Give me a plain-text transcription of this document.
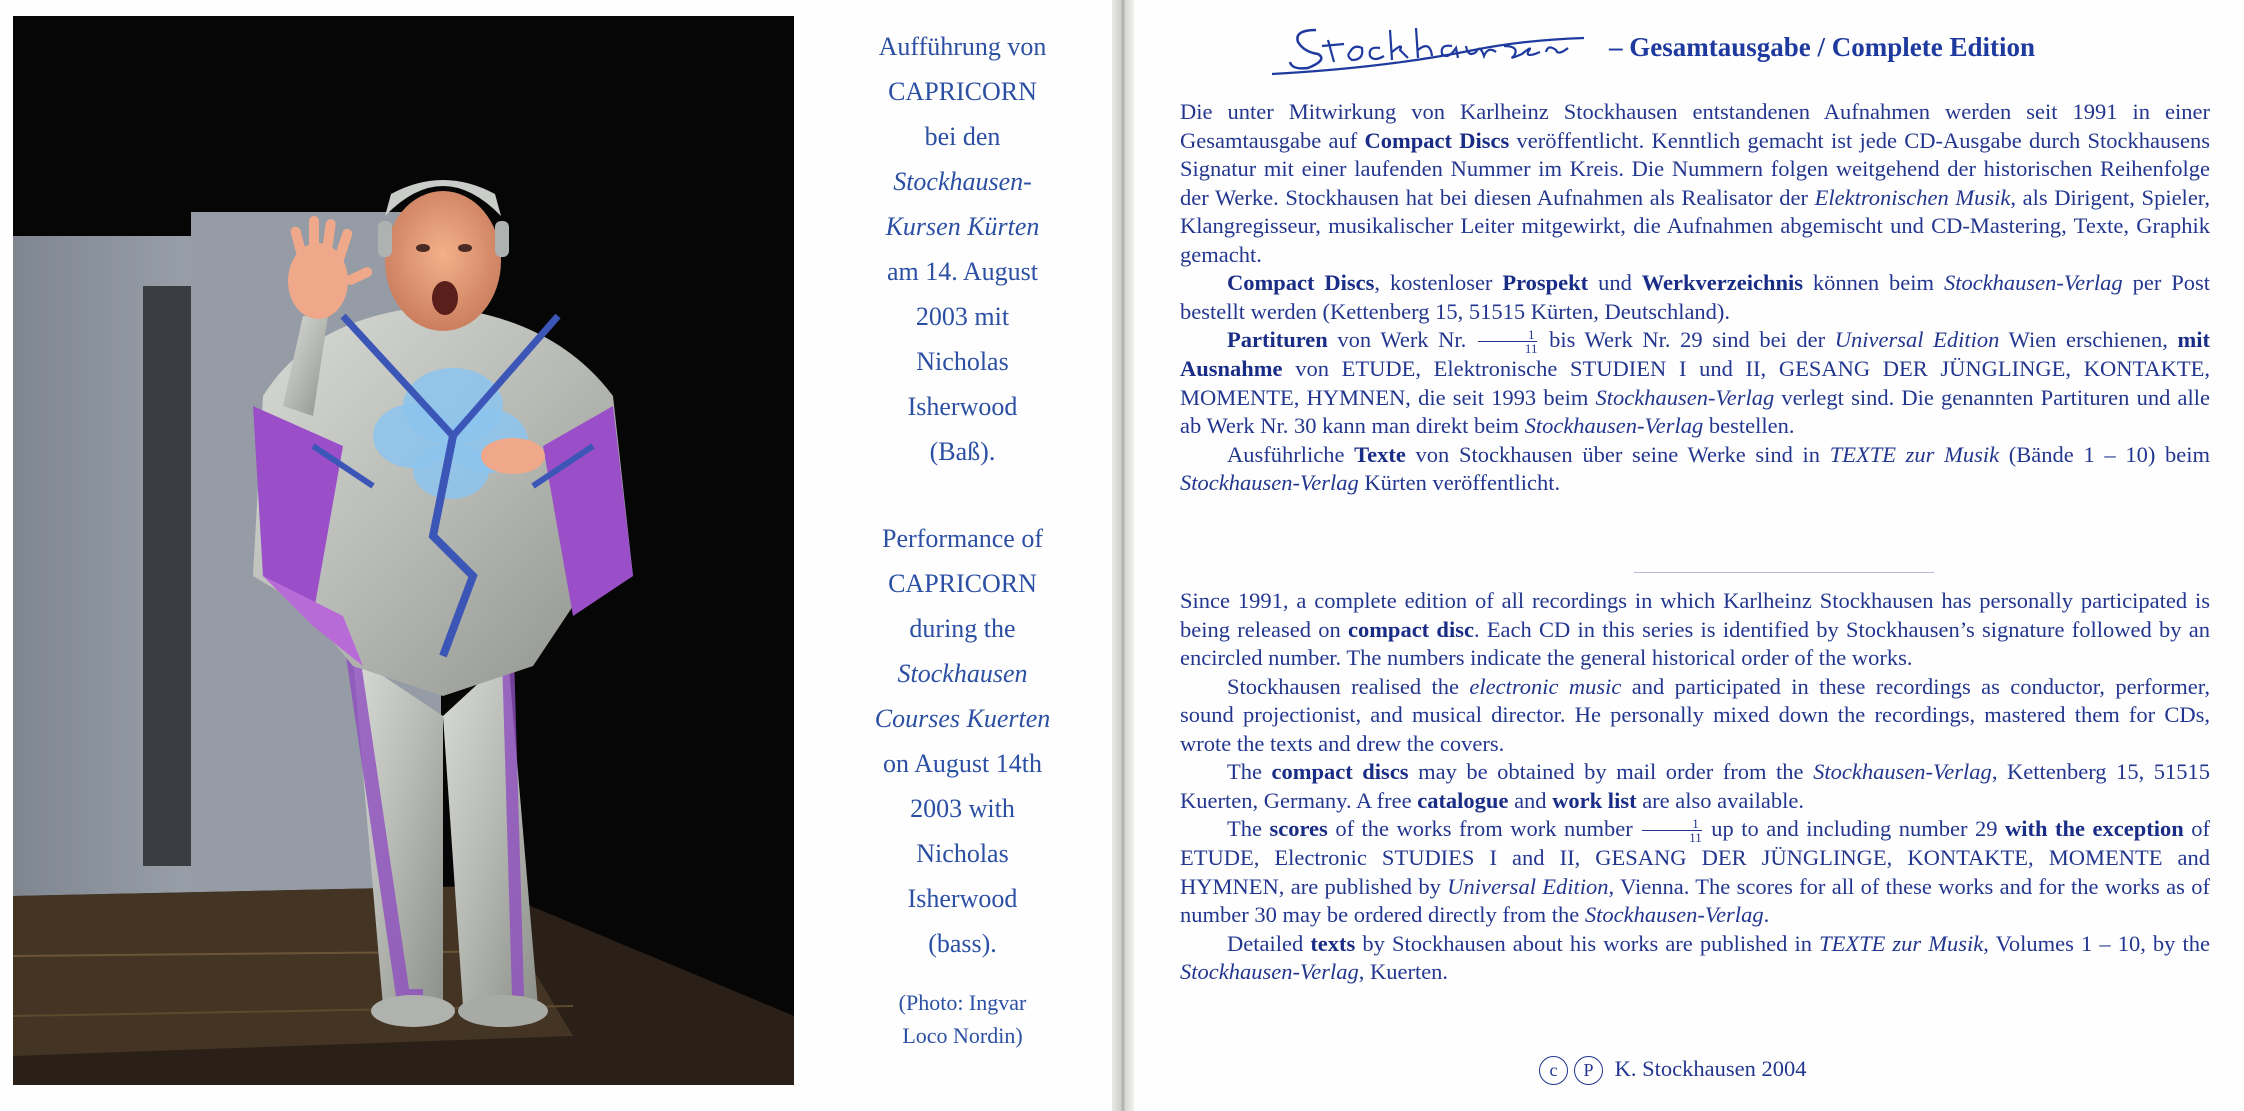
Aufführung von
CAPRICORN
bei den
Stockhausen-
Kursen Kürten
am 14. August
2003 mit
Nicholas
Isherwood
(Baß).
Performance of
CAPRICORN
during the
Stockhausen
Courses Kuerten
on August 14th
2003 with
Nicholas
Isherwood
(bass).
(Photo: Ingvar
Loco Nordin)
– Gesamtausgabe / Complete Edition

Die unter Mitwirkung von Karlheinz Stockhausen entstandenen Aufnahmen werden seit 1991 in einer Gesamtausgabe auf Compact Discs veröffentlicht. Kenntlich gemacht ist jede CD-Ausgabe durch Stockhausens Signatur mit einer laufenden Nummer im Kreis. Die Nummern folgen weitgehend der historischen Reihenfolge der Werke. Stockhausen hat bei diesen Aufnahmen als Realisator der Elektronischen Musik, als Dirigent, Spieler, Klangregisseur, musikalischer Leiter mitgewirkt, die Aufnahmen abgemischt und CD-Mastering, Texte, Graphik gemacht.

Compact Discs, kostenloser Prospekt und Werkverzeichnis können beim Stockhausen-Verlag per Post bestellt werden (Kettenberg 15, 51515 Kürten, Deutschland).

Partituren von Werk Nr. $\frac{1}{11}$ bis Werk Nr. 29 sind bei der Universal Edition Wien erschienen, mit Ausnahme von ETUDE, Elektronische STUDIEN I und II, GESANG DER JÜNGLINGE, KONTAKTE, MOMENTE, HYMNEN, die seit 1993 beim Stockhausen-Verlag verlegt sind. Die genannten Partituren und alle ab Werk Nr. 30 kann man direkt beim Stockhausen-Verlag bestellen.

Ausführliche Texte von Stockhausen über seine Werke sind in TEXTE zur Musik (Bände 1 – 10) beim Stockhausen-Verlag Kürten veröffentlicht.

Since 1991, a complete edition of all recordings in which Karlheinz Stockhausen has personally participated is being released on compact disc. Each CD in this series is identified by Stockhausen’s signature followed by an encircled number. The numbers indicate the general historical order of the works.

Stockhausen realised the electronic music and participated in these recordings as conductor, performer, sound projectionist, and musical director. He personally mixed down the recordings, mastered them for CDs, wrote the texts and drew the covers.

The compact discs may be obtained by mail order from the Stockhausen-Verlag, Kettenberg 15, 51515 Kuerten, Germany. A free catalogue and work list are also available.

The scores of the works from work number $\frac{1}{11}$ up to and including number 29 with the exception of ETUDE, Electronic STUDIES I and II, GESANG DER JÜNGLINGE, KONTAKTE, MOMENTE and HYMNEN, are published by Universal Edition, Vienna. The scores for all of these works and for the works as of number 30 may be ordered directly from the Stockhausen-Verlag.

Detailed texts by Stockhausen about his works are published in TEXTE zur Musik, Volumes 1 – 10, by the Stockhausen-Verlag, Kuerten.

c P K. Stockhausen 2004
